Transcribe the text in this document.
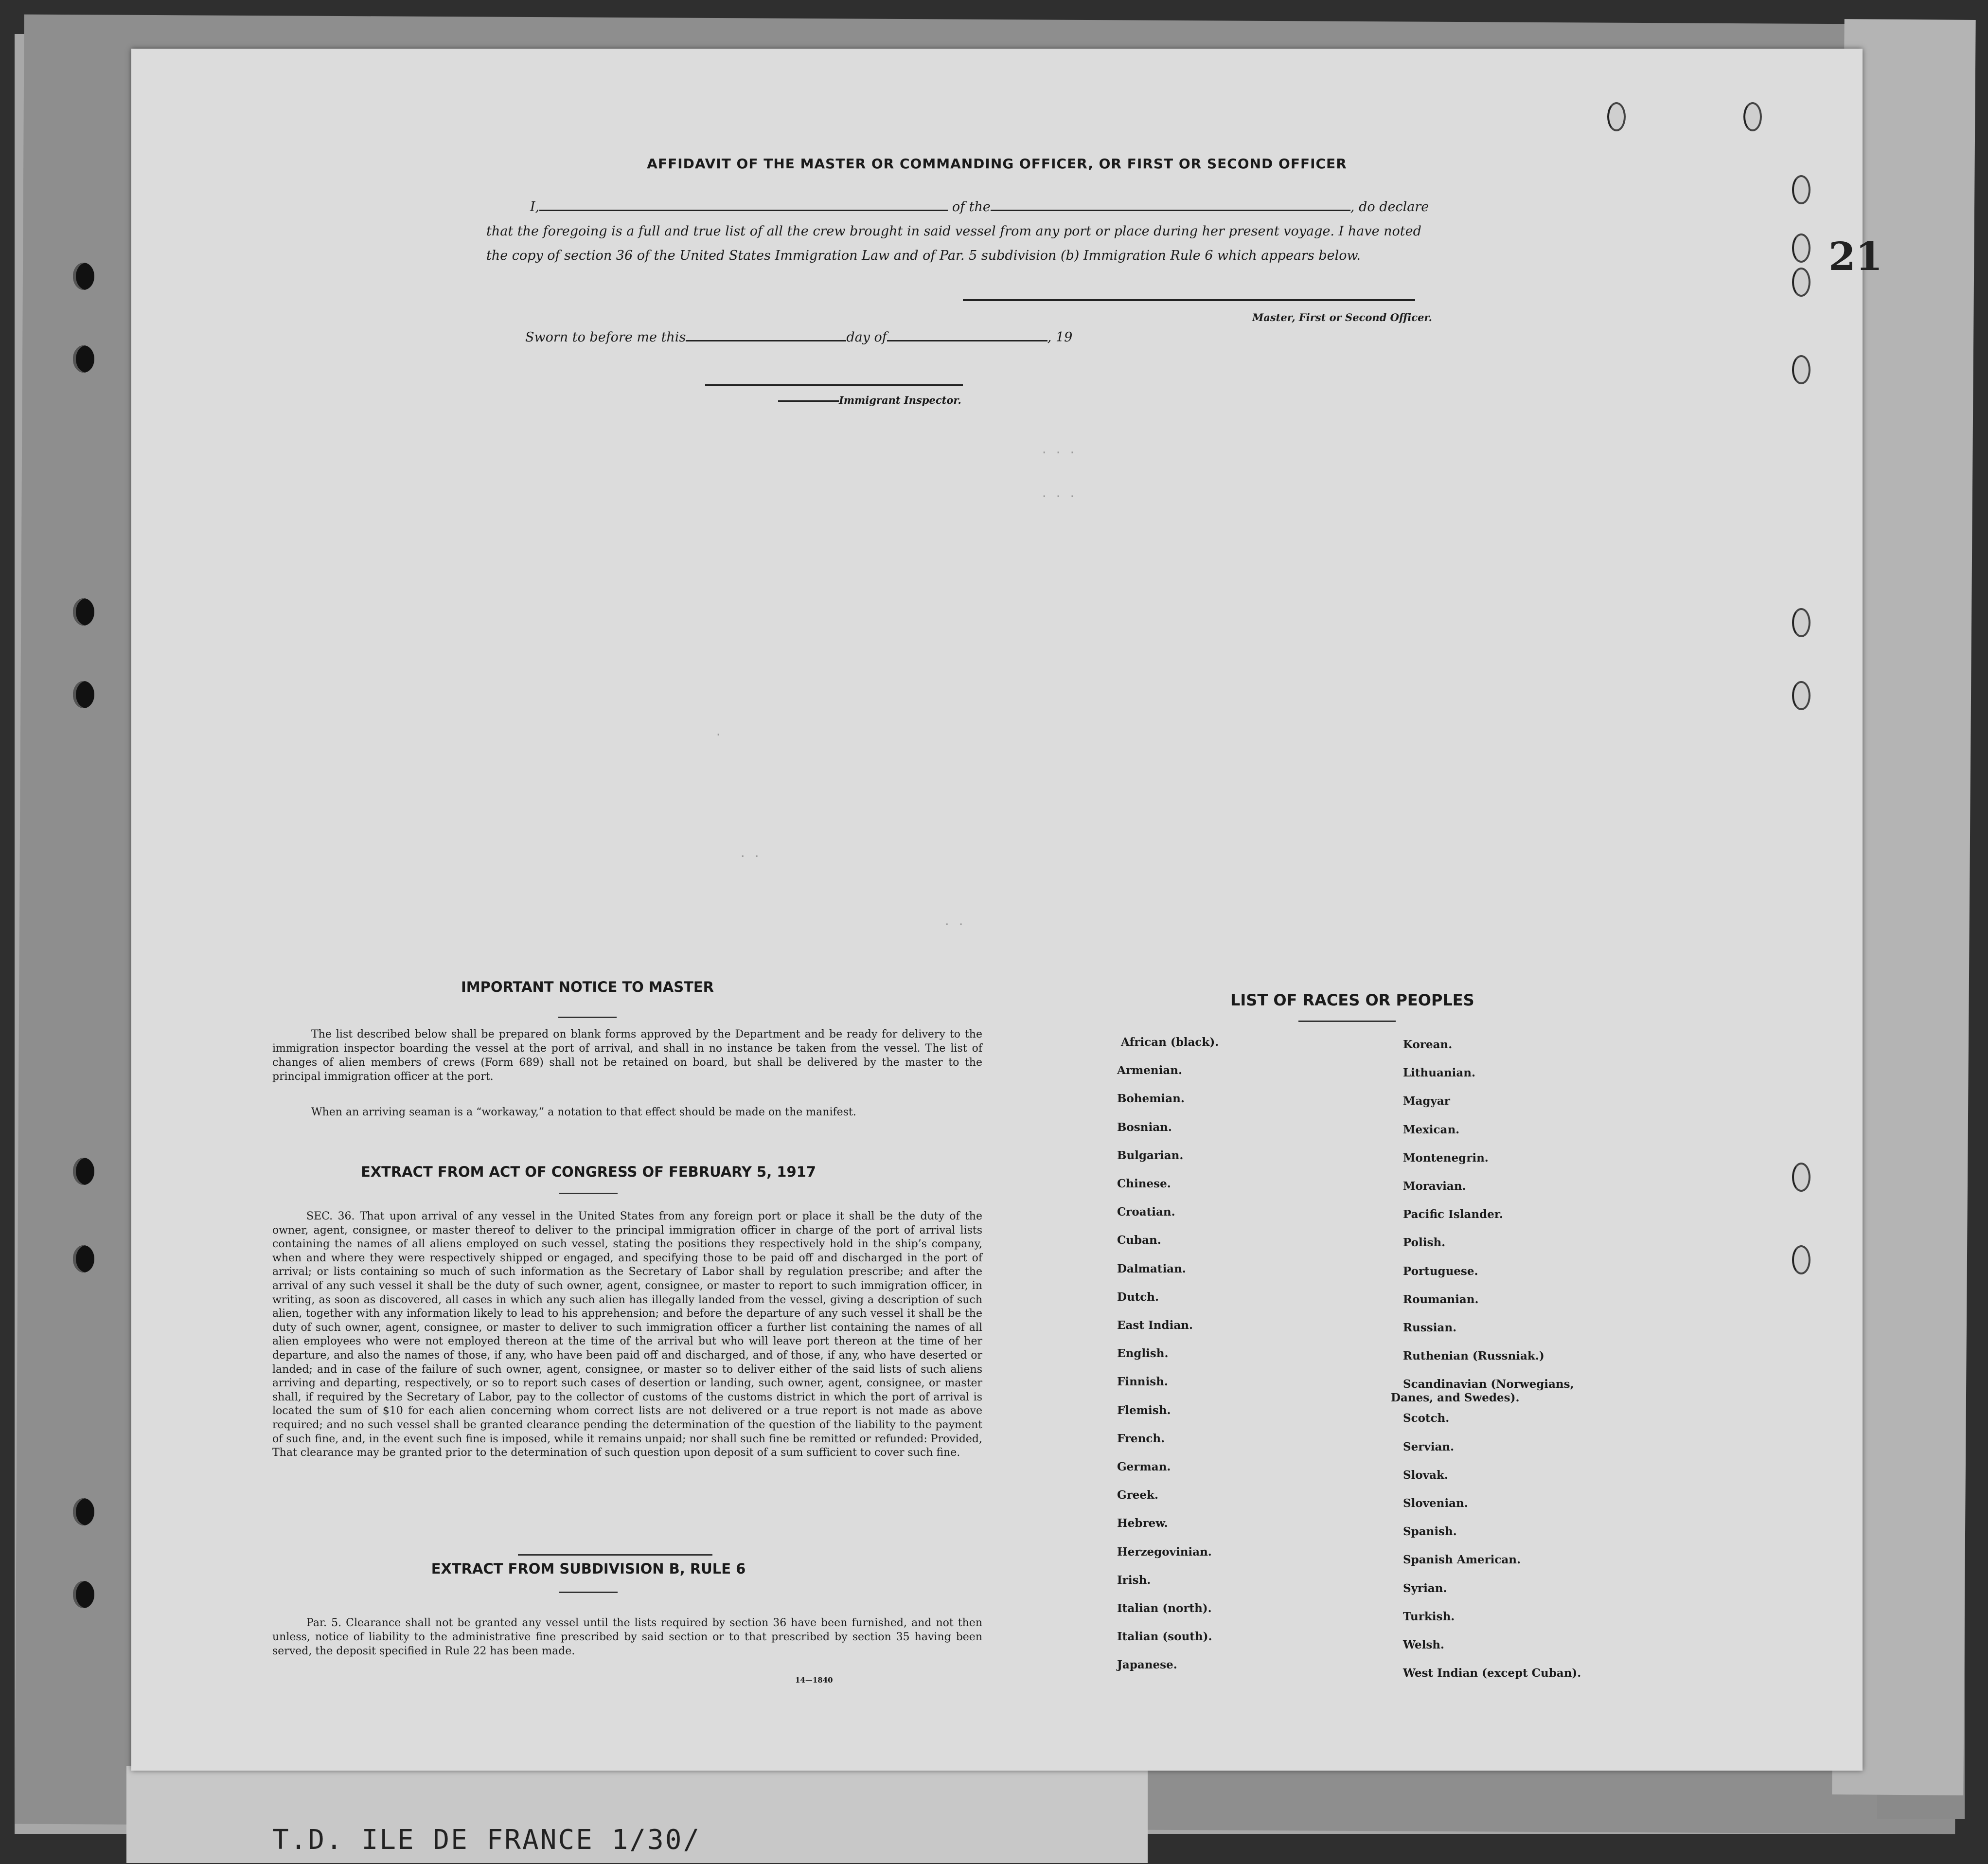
T.D. ILE DE FRANCE 1/30/
AFFIDAVIT OF THE MASTER OR COMMANDING OFFICER, OR FIRST OR SECOND OFFICER
I,	of the	, do declare
that the foregoing is a full and true list of all the crew brought in said vessel from any port or place during her present voyage. I have noted
the copy of section 36 of the United States Immigration Law and of Par. 5 subdivision (b) Immigration Rule 6 which appears below.
Master, First or Second Officer.
Sworn to before me this	day of	, 19
Immigrant Inspector.
. . .
. . .
.
. .
. .
IMPORTANT NOTICE TO MASTER
The list described below shall be prepared on blank forms approved by the Department and be ready for delivery to the immigration inspector boarding the vessel at the port of arrival, and shall in no instance be taken from the vessel. The list of changes of alien members of crews (Form 689) shall not be retained on board, but shall be delivered by the master to the principal immigration officer at the port.
When an arriving seaman is a “workaway,” a notation to that effect should be made on the manifest.
EXTRACT FROM ACT OF CONGRESS OF FEBRUARY 5, 1917
SEC. 36. That upon arrival of any vessel in the United States from any foreign port or place it shall be the duty of the owner, agent, consignee, or master thereof to deliver to the principal immigration officer in charge of the port of arrival lists containing the names of all aliens employed on such vessel, stating the positions they respectively hold in the ship’s company, when and where they were respectively shipped or engaged, and specifying those to be paid off and discharged in the port of arrival; or lists containing so much of such information as the Secretary of Labor shall by regulation prescribe; and after the arrival of any such vessel it shall be the duty of such owner, agent, consignee, or master to report to such immigration officer, in writing, as soon as discovered, all cases in which any such alien has illegally landed from the vessel, giving a description of such alien, together with any information likely to lead to his apprehension; and before the departure of any such vessel it shall be the duty of such owner, agent, consignee, or master to deliver to such immigration officer a further list containing the names of all alien employees who were not employed thereon at the time of the arrival but who will leave port thereon at the time of her departure, and also the names of those, if any, who have been paid off and discharged, and of those, if any, who have deserted or landed; and in case of the failure of such owner, agent, consignee, or master so to deliver either of the said lists of such aliens arriving and departing, respectively, or so to report such cases of desertion or landing, such owner, agent, consignee, or master shall, if required by the Secretary of Labor, pay to the collector of customs of the customs district in which the port of arrival is located the sum of $10 for each alien concerning whom correct lists are not delivered or a true report is not made as above required; and no such vessel shall be granted clearance pending the determination of the question of the liability to the payment of such fine, and, in the event such fine is imposed, while it remains unpaid; nor shall such fine be remitted or refunded: Provided, That clearance may be granted prior to the determination of such question upon deposit of a sum sufficient to cover such fine.
EXTRACT FROM SUBDIVISION B, RULE 6
Par. 5. Clearance shall not be granted any vessel until the lists required by section 36 have been furnished, and not then unless, notice of liability to the administrative fine prescribed by said section or to that prescribed by section 35 having been served, the deposit specified in Rule 22 has been made.
14—1840
LIST OF RACES OR PEOPLES
African (black).
Armenian.
Bohemian.
Bosnian.
Bulgarian.
Chinese.
Croatian.
Cuban.
Dalmatian.
Dutch.
East Indian.
English.
Finnish.
Flemish.
French.
German.
Greek.
Hebrew.
Herzegovinian.
Irish.
Italian (north).
Italian (south).
Japanese.
Korean.
Lithuanian.
Magyar
Mexican.
Montenegrin.
Moravian.
Pacific Islander.
Polish.
Portuguese.
Roumanian.
Russian.
Ruthenian (Russniak.)
Scandinavian (Norwegians,
Danes, and Swedes).
Scotch.
Servian.
Slovak.
Slovenian.
Spanish.
Spanish American.
Syrian.
Turkish.
Welsh.
West Indian (except Cuban).
21
